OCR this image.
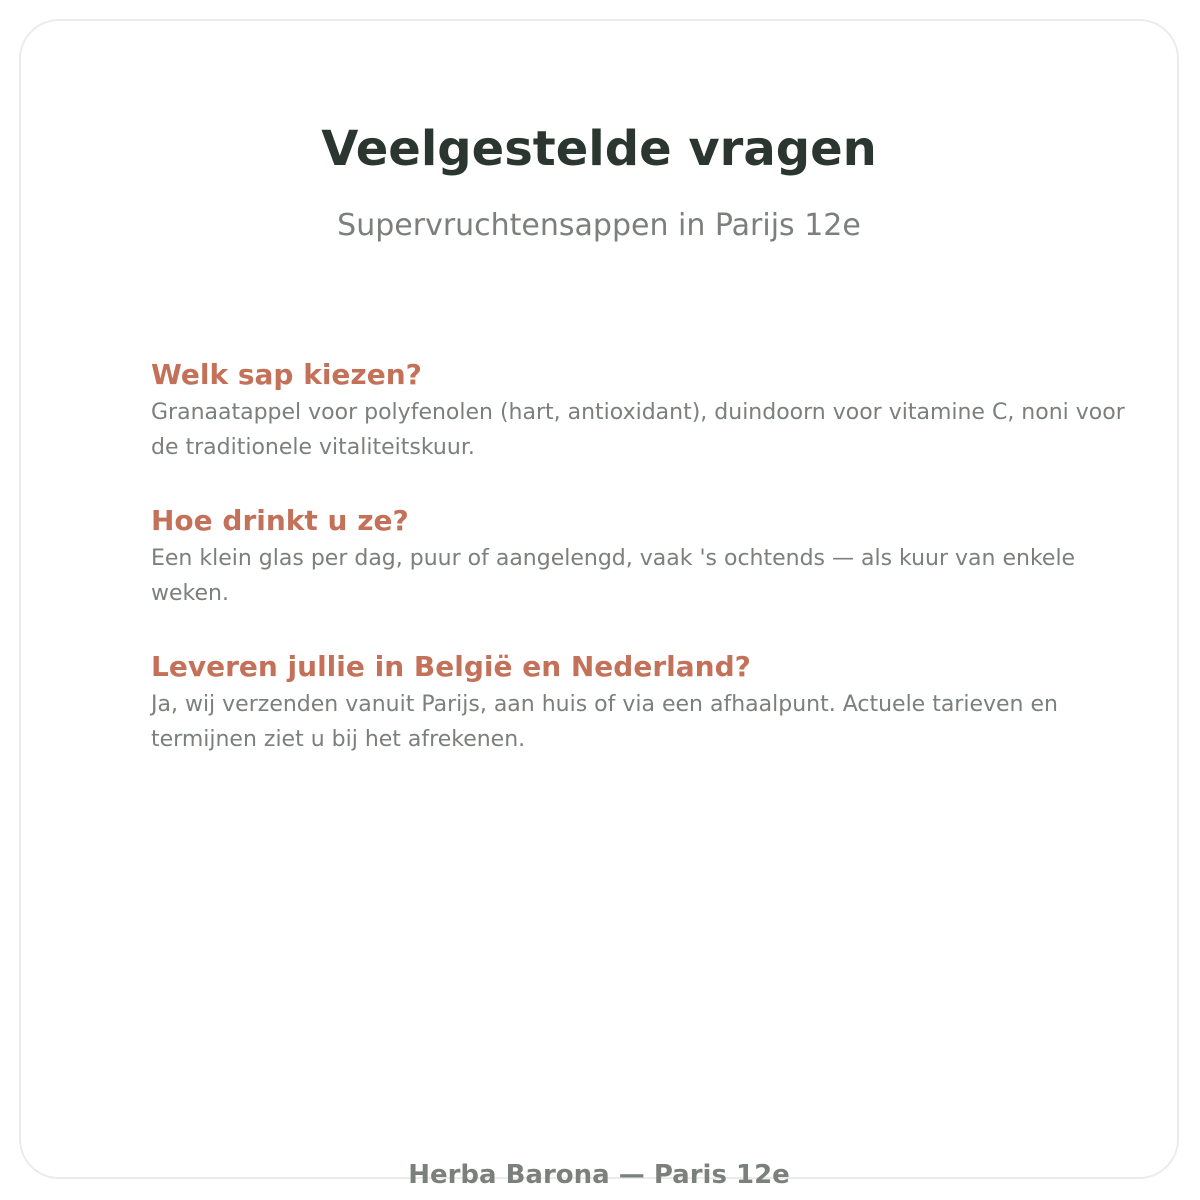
Veelgestelde vragen

Supervruchtensappen in Parijs 12e

Welk sap kiezen?

Granaatappel voor polyfenolen (hart, antioxidant), duindoorn voor vitamine C, noni voor de traditionele vitaliteitskuur.

Hoe drinkt u ze?

Een klein glas per dag, puur of aangelengd, vaak 's ochtends — als kuur van enkele weken.

Leveren jullie in België en Nederland?

Ja, wij verzenden vanuit Parijs, aan huis of via een afhaalpunt. Actuele tarieven en termijnen ziet u bij het afrekenen.

Herba Barona — Paris 12e
